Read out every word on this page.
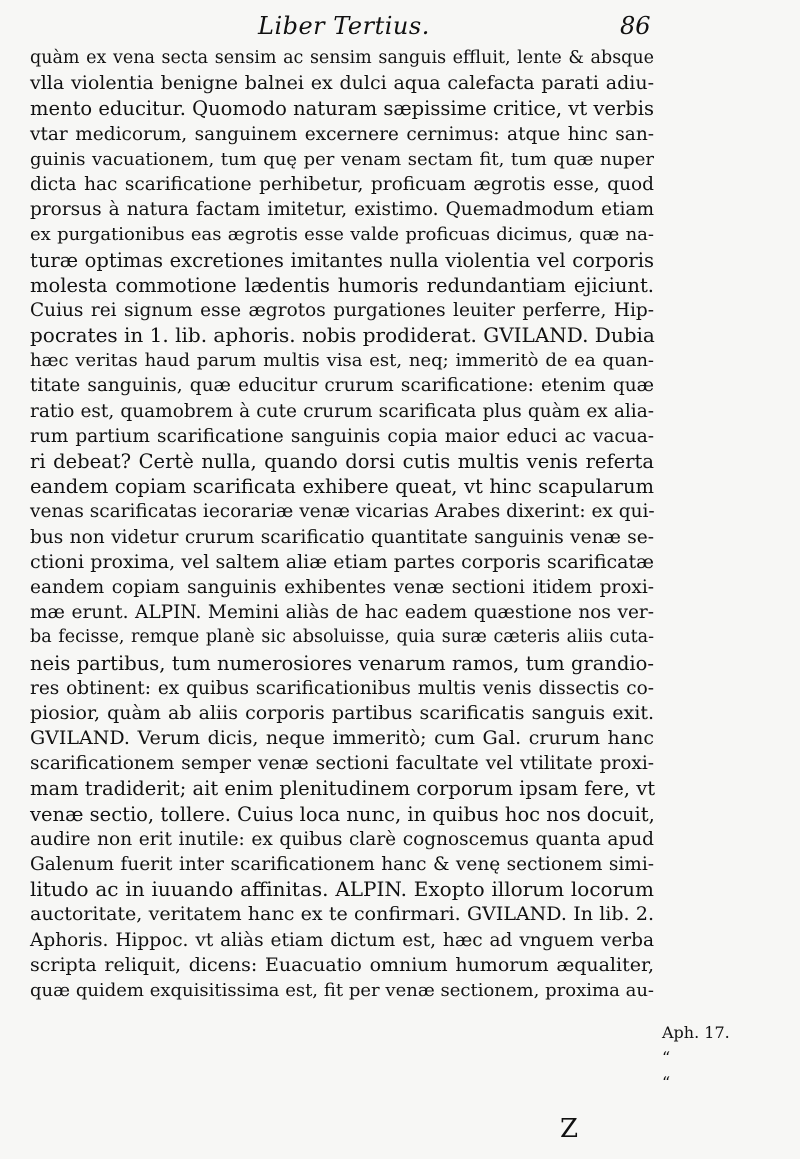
Liber Tertius.	86
quàm ex vena secta sensim ac sensim sanguis effluit, lente & absque
vlla violentia benigne balnei ex dulci aqua calefacta parati adiu-
mento educitur. Quomodo naturam sæpissime critice, vt verbis
vtar medicorum, sanguinem excernere cernimus: atque hinc san-
guinis vacuationem, tum quę per venam sectam fit, tum quæ nuper
dicta hac scarificatione perhibetur, proficuam ægrotis esse, quod
prorsus à natura factam imitetur, existimo. Quemadmodum etiam
ex purgationibus eas ægrotis esse valde proficuas dicimus, quæ na-
turæ optimas excretiones imitantes nulla violentia vel corporis
molesta commotione lædentis humoris redundantiam ejiciunt.
Cuius rei signum esse ægrotos purgationes leuiter perferre, Hip-
pocrates in 1. lib. aphoris. nobis prodiderat. GVILAND. Dubia
hæc veritas haud parum multis visa est, neq; immeritò de ea quan-
titate sanguinis, quæ educitur crurum scarificatione: etenim quæ
ratio est, quamobrem à cute crurum scarificata plus quàm ex alia-
rum partium scarificatione sanguinis copia maior educi ac vacua-
ri debeat? Certè nulla, quando dorsi cutis multis venis referta
eandem copiam scarificata exhibere queat, vt hinc scapularum
venas scarificatas iecorariæ venæ vicarias Arabes dixerint: ex qui-
bus non videtur crurum scarificatio quantitate sanguinis venæ se-
ctioni proxima, vel saltem aliæ etiam partes corporis scarificatæ
eandem copiam sanguinis exhibentes venæ sectioni itidem proxi-
mæ erunt. ALPIN. Memini aliàs de hac eadem quæstione nos ver-
ba fecisse, remque planè sic absoluisse, quia suræ cæteris aliis cuta-
neis partibus, tum numerosiores venarum ramos, tum grandio-
res obtinent: ex quibus scarificationibus multis venis dissectis co-
piosior, quàm ab aliis corporis partibus scarificatis sanguis exit.
GVILAND. Verum dicis, neque immeritò; cum Gal. crurum hanc
scarificationem semper venæ sectioni facultate vel vtilitate proxi-
mam tradiderit; ait enim plenitudinem corporum ipsam fere, vt
venæ sectio, tollere. Cuius loca nunc, in quibus hoc nos docuit,
audire non erit inutile: ex quibus clarè cognoscemus quanta apud
Galenum fuerit inter scarificationem hanc & venę sectionem simi-
litudo ac in iuuando affinitas. ALPIN. Exopto illorum locorum
auctoritate, veritatem hanc ex te confirmari. GVILAND. In lib. 2.
Aphoris. Hippoc. vt aliàs etiam dictum est, hæc ad vnguem verba
scripta reliquit, dicens: Euacuatio omnium humorum æqualiter,
quæ quidem exquisitissima est, fit per venæ sectionem, proxima au-
Aph. 17.
“
“
Z
